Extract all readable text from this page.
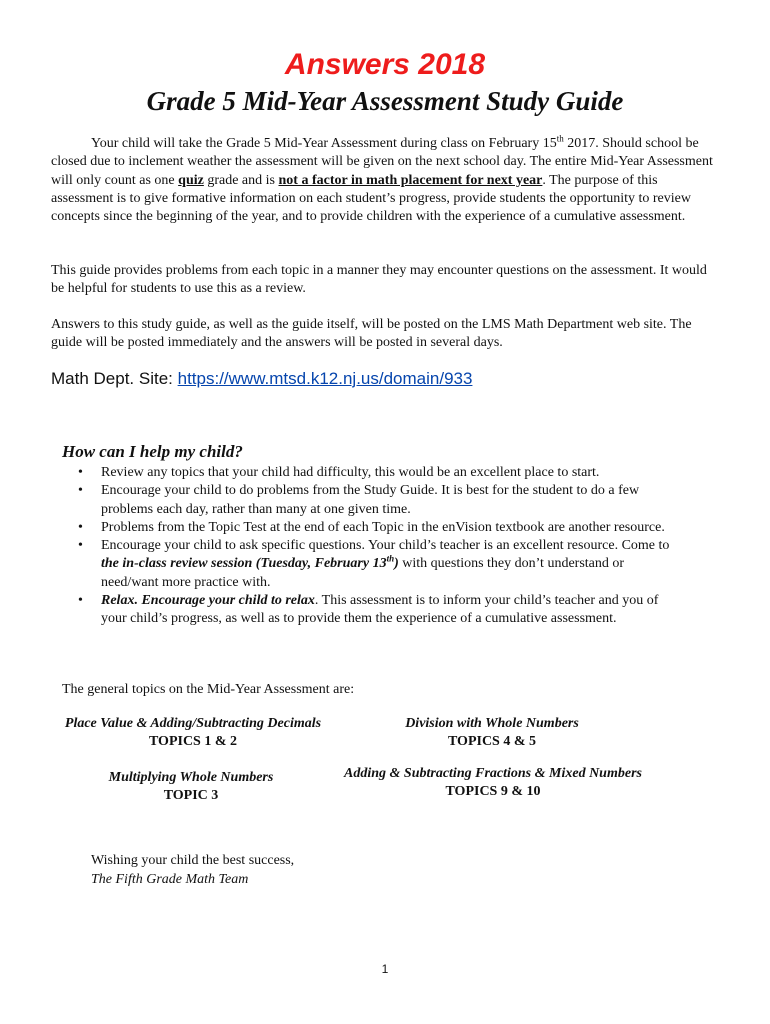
Answers 2018
Grade 5 Mid-Year Assessment Study Guide
Your child will take the Grade 5 Mid-Year Assessment during class on February 15th 2017. Should school be closed due to inclement weather the assessment will be given on the next school day. The entire Mid-Year Assessment will only count as one quiz grade and is not a factor in math placement for next year. The purpose of this assessment is to give formative information on each student’s progress, provide students the opportunity to review concepts since the beginning of the year, and to provide children with the experience of a cumulative assessment.
This guide provides problems from each topic in a manner they may encounter questions on the assessment. It would be helpful for students to use this as a review.
Answers to this study guide, as well as the guide itself, will be posted on the LMS Math Department web site. The guide will be posted immediately and the answers will be posted in several days.
Math Dept. Site: https://www.mtsd.k12.nj.us/domain/933
How can I help my child?
• Review any topics that your child had difficulty, this would be an excellent place to start.
• Encourage your child to do problems from the Study Guide. It is best for the student to do a few problems each day, rather than many at one given time.
• Problems from the Topic Test at the end of each Topic in the enVision textbook are another resource.
• Encourage your child to ask specific questions. Your child’s teacher is an excellent resource. Come to the in-class review session (Tuesday, February 13th) with questions they don’t understand or need/want more practice with.
• Relax. Encourage your child to relax. This assessment is to inform your child’s teacher and you of your child’s progress, as well as to provide them the experience of a cumulative assessment.
The general topics on the Mid-Year Assessment are:
Place Value & Adding/Subtracting Decimals
TOPICS 1 & 2
Division with Whole Numbers
TOPICS 4 & 5
Multiplying Whole Numbers
TOPIC 3
Adding & Subtracting Fractions & Mixed Numbers
TOPICS 9 & 10
Wishing your child the best success,
The Fifth Grade Math Team
1
